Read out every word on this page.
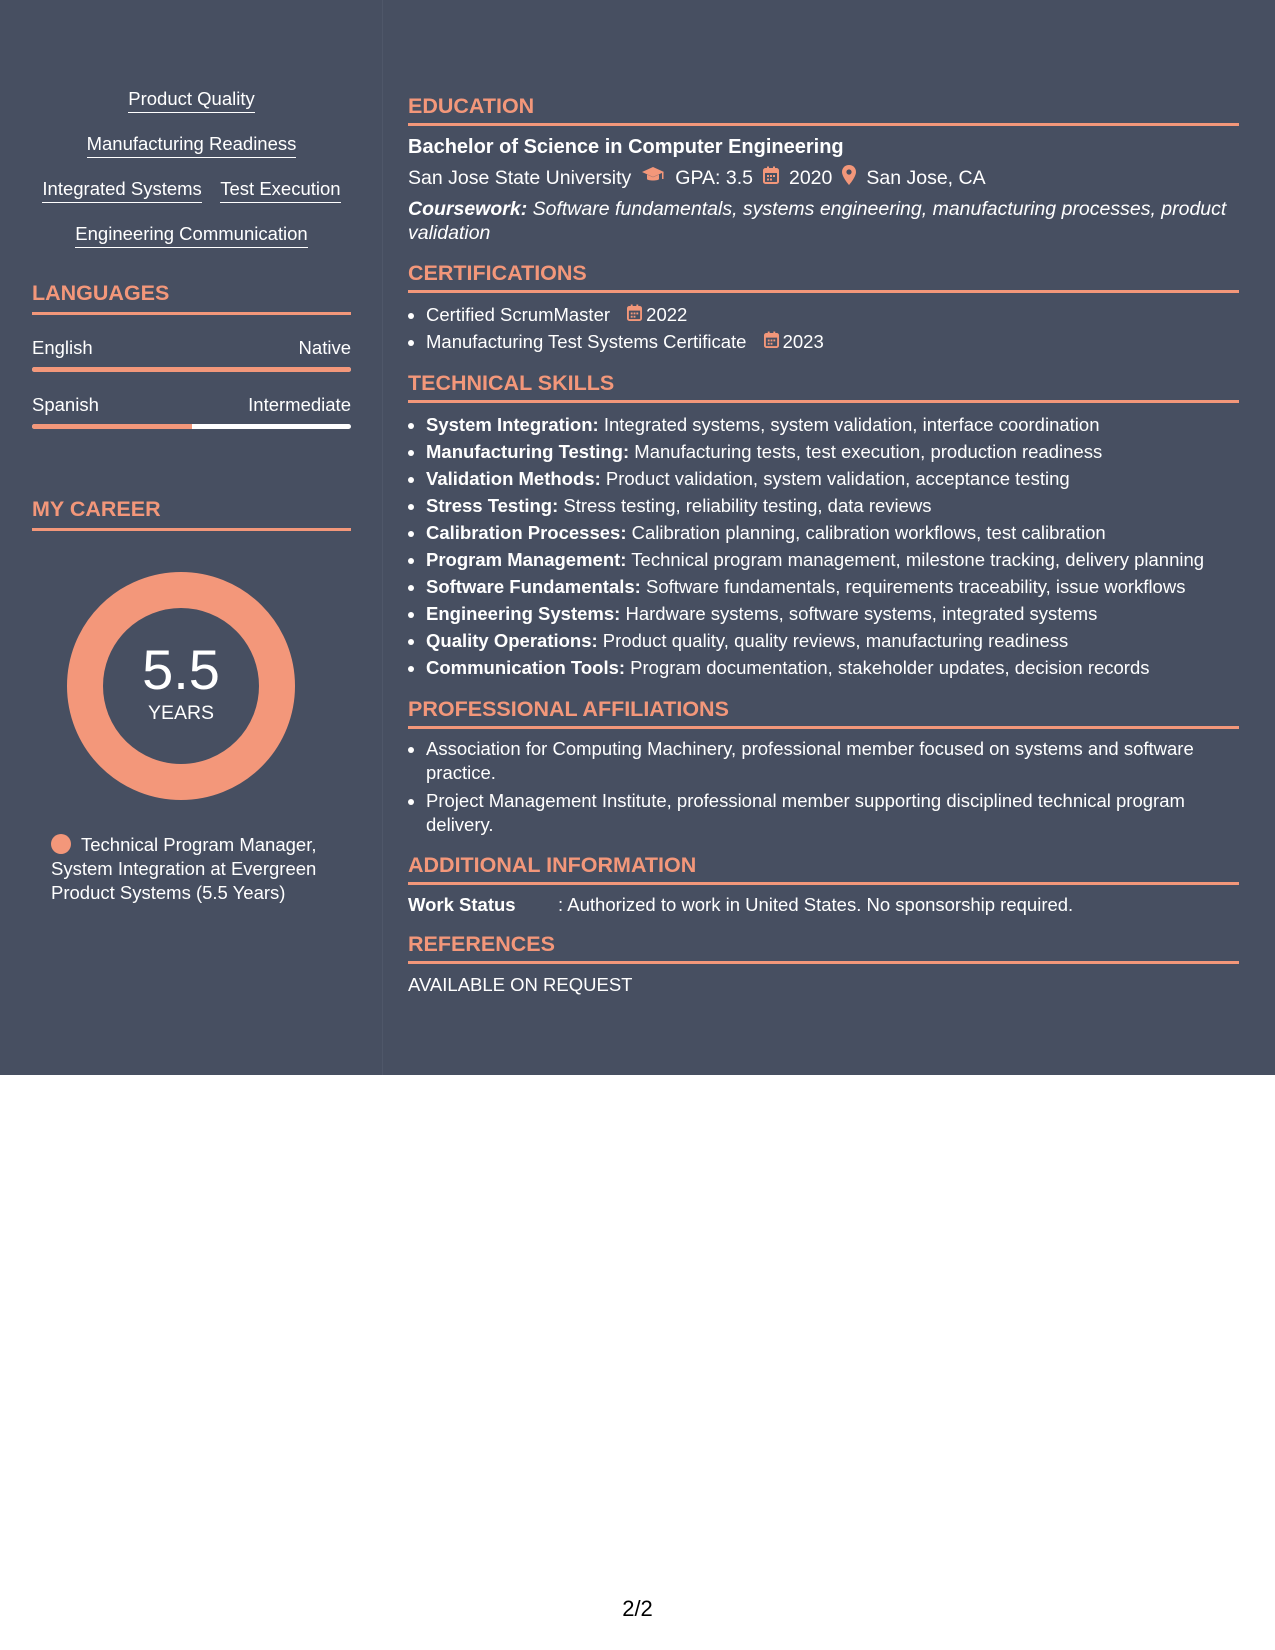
Product Quality
Manufacturing Readiness
Integrated Systems Test Execution
Engineering Communication
LANGUAGES
English	Native
Spanish	Intermediate
MY CAREER
5.5
YEARS
Technical Program Manager, System Integration at Evergreen Product Systems (5.5 Years)
EDUCATION
Bachelor of Science in Computer Engineering
San Jose State University GPA: 3.5 2020 San Jose, CA
Coursework: Software fundamentals, systems engineering, manufacturing processes, product validation
CERTIFICATIONS
• Certified ScrumMaster 2022
• Manufacturing Test Systems Certificate 2023
TECHNICAL SKILLS
• System Integration: Integrated systems, system validation, interface coordination
• Manufacturing Testing: Manufacturing tests, test execution, production readiness
• Validation Methods: Product validation, system validation, acceptance testing
• Stress Testing: Stress testing, reliability testing, data reviews
• Calibration Processes: Calibration planning, calibration workflows, test calibration
• Program Management: Technical program management, milestone tracking, delivery planning
• Software Fundamentals: Software fundamentals, requirements traceability, issue workflows
• Engineering Systems: Hardware systems, software systems, integrated systems
• Quality Operations: Product quality, quality reviews, manufacturing readiness
• Communication Tools: Program documentation, stakeholder updates, decision records
PROFESSIONAL AFFILIATIONS
• Association for Computing Machinery, professional member focused on systems and software practice.
• Project Management Institute, professional member supporting disciplined technical program delivery.
ADDITIONAL INFORMATION
Work Status	: Authorized to work in United States. No sponsorship required.
REFERENCES
AVAILABLE ON REQUEST
2/2
